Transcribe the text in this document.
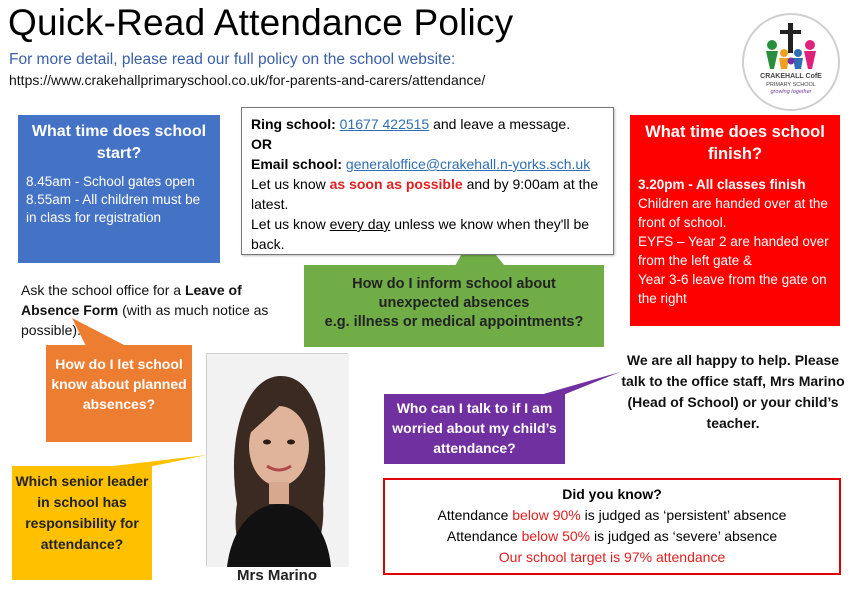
Quick-Read Attendance Policy
For more detail, please read our full policy on the school website:
https://www.crakehallprimaryschool.co.uk/for-parents-and-carers/attendance/	CRAKEHALL CofE
PRIMARY SCHOOL
growing together
What time does school start?
8.45am - School gates open
8.55am - All children must be in class for registration
Ring school: 01677 422515 and leave a message.
OR
Email school: generaloffice@crakehall.n-yorks.sch.uk
Let us know as soon as possible and by 9:00am at the latest.
Let us know every day unless we know when they'll be back.
What time does school finish?
3.20pm - All classes finish
Children are handed over at the front of school.
EYFS – Year 2 are handed over from the left gate &
Year 3-6 leave from the gate on the right
How do I inform school about
unexpected absences
e.g. illness or medical appointments?
Ask the school office for a Leave of Absence Form (with as much notice as possible).
How do I let school know about planned absences?
Which senior leader in school has responsibility for attendance?
Mrs Marino
Who can I talk to if I am worried about my child’s attendance?
We are all happy to help. Please talk to the office staff, Mrs Marino (Head of School) or your child’s teacher.
Did you know?
Attendance below 90% is judged as ‘persistent’ absence
Attendance below 50% is judged as ‘severe’ absence
Our school target is 97% attendance
